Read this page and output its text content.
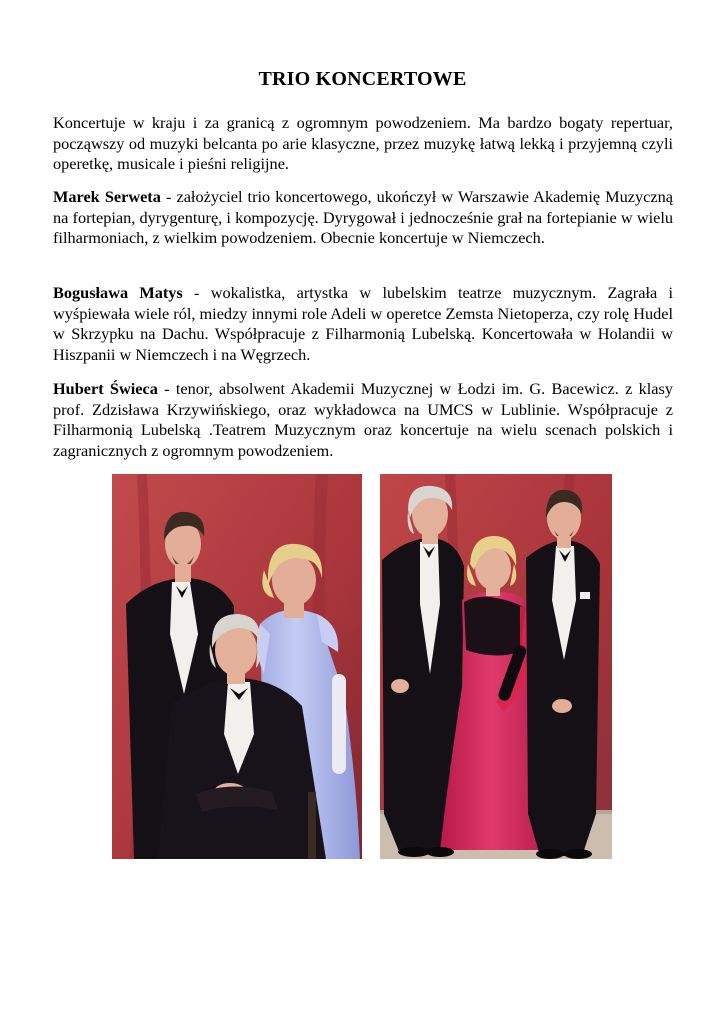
TRIO KONCERTOWE
Koncertuje w kraju i za granicą z ogromnym powodzeniem. Ma bardzo bogaty repertuar, począwszy od muzyki belcanta po arie klasyczne, przez muzykę łatwą lekką i przyjemną czyli operetkę, musicale i pieśni religijne.
Marek Serweta - założyciel trio koncertowego, ukończył w Warszawie Akademię Muzyczną na fortepian, dyrygenturę, i kompozycję. Dyrygował i jednocześnie grał na fortepianie w wielu filharmoniach, z wielkim powodzeniem. Obecnie koncertuje w Niemczech.
Bogusława Matys - wokalistka, artystka w lubelskim teatrze muzycznym. Zagrała i wyśpiewała wiele ról, miedzy innymi role Adeli w operetce Zemsta Nietoperza, czy rolę Hudel w Skrzypku na Dachu. Współpracuje z Filharmonią Lubelską. Koncertowała w Holandii w Hiszpanii w Niemczech i na Węgrzech.
Hubert Świeca - tenor, absolwent Akademii Muzycznej w Łodzi im. G. Bacewicz. z klasy prof. Zdzisława Krzywińskiego, oraz wykładowca na UMCS w Lublinie. Współpracuje z Filharmonią Lubelską .Teatrem Muzycznym oraz koncertuje na wielu scenach polskich i zagranicznych z ogromnym powodzeniem.
